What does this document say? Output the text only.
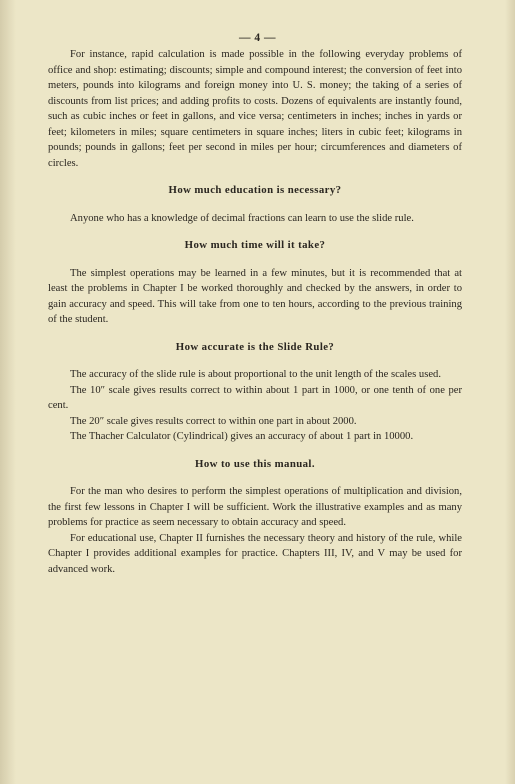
— 4 —

For instance, rapid calculation is made possible in the following everyday problems of office and shop: estimating; discounts; simple and compound interest; the conversion of feet into meters, pounds into kilograms and foreign money into U. S. money; the taking of a series of discounts from list prices; and adding profits to costs. Dozens of equivalents are instantly found, such as cubic inches or feet in gallons, and vice versa; centimeters in inches; inches in yards or feet; kilometers in miles; square centimeters in square inches; liters in cubic feet; kilograms in pounds; pounds in gallons; feet per second in miles per hour; circumferences and diameters of circles.

How much education is necessary?

Anyone who has a knowledge of decimal fractions can learn to use the slide rule.

How much time will it take?

The simplest operations may be learned in a few minutes, but it is recommended that at least the problems in Chapter I be worked thoroughly and checked by the answers, in order to gain accuracy and speed. This will take from one to ten hours, according to the previous training of the student.

How accurate is the Slide Rule?

The accuracy of the slide rule is about proportional to the unit length of the scales used.

The 10″ scale gives results correct to within about 1 part in 1000, or one tenth of one per cent.

The 20″ scale gives results correct to within one part in about 2000.

The Thacher Calculator (Cylindrical) gives an accuracy of about 1 part in 10000.

How to use this manual.

For the man who desires to perform the simplest operations of multiplication and division, the first few lessons in Chapter I will be sufficient. Work the illustrative examples and as many problems for practice as seem necessary to obtain accuracy and speed.

For educational use, Chapter II furnishes the necessary theory and history of the rule, while Chapter I provides additional examples for practice. Chapters III, IV, and V may be used for advanced work.
